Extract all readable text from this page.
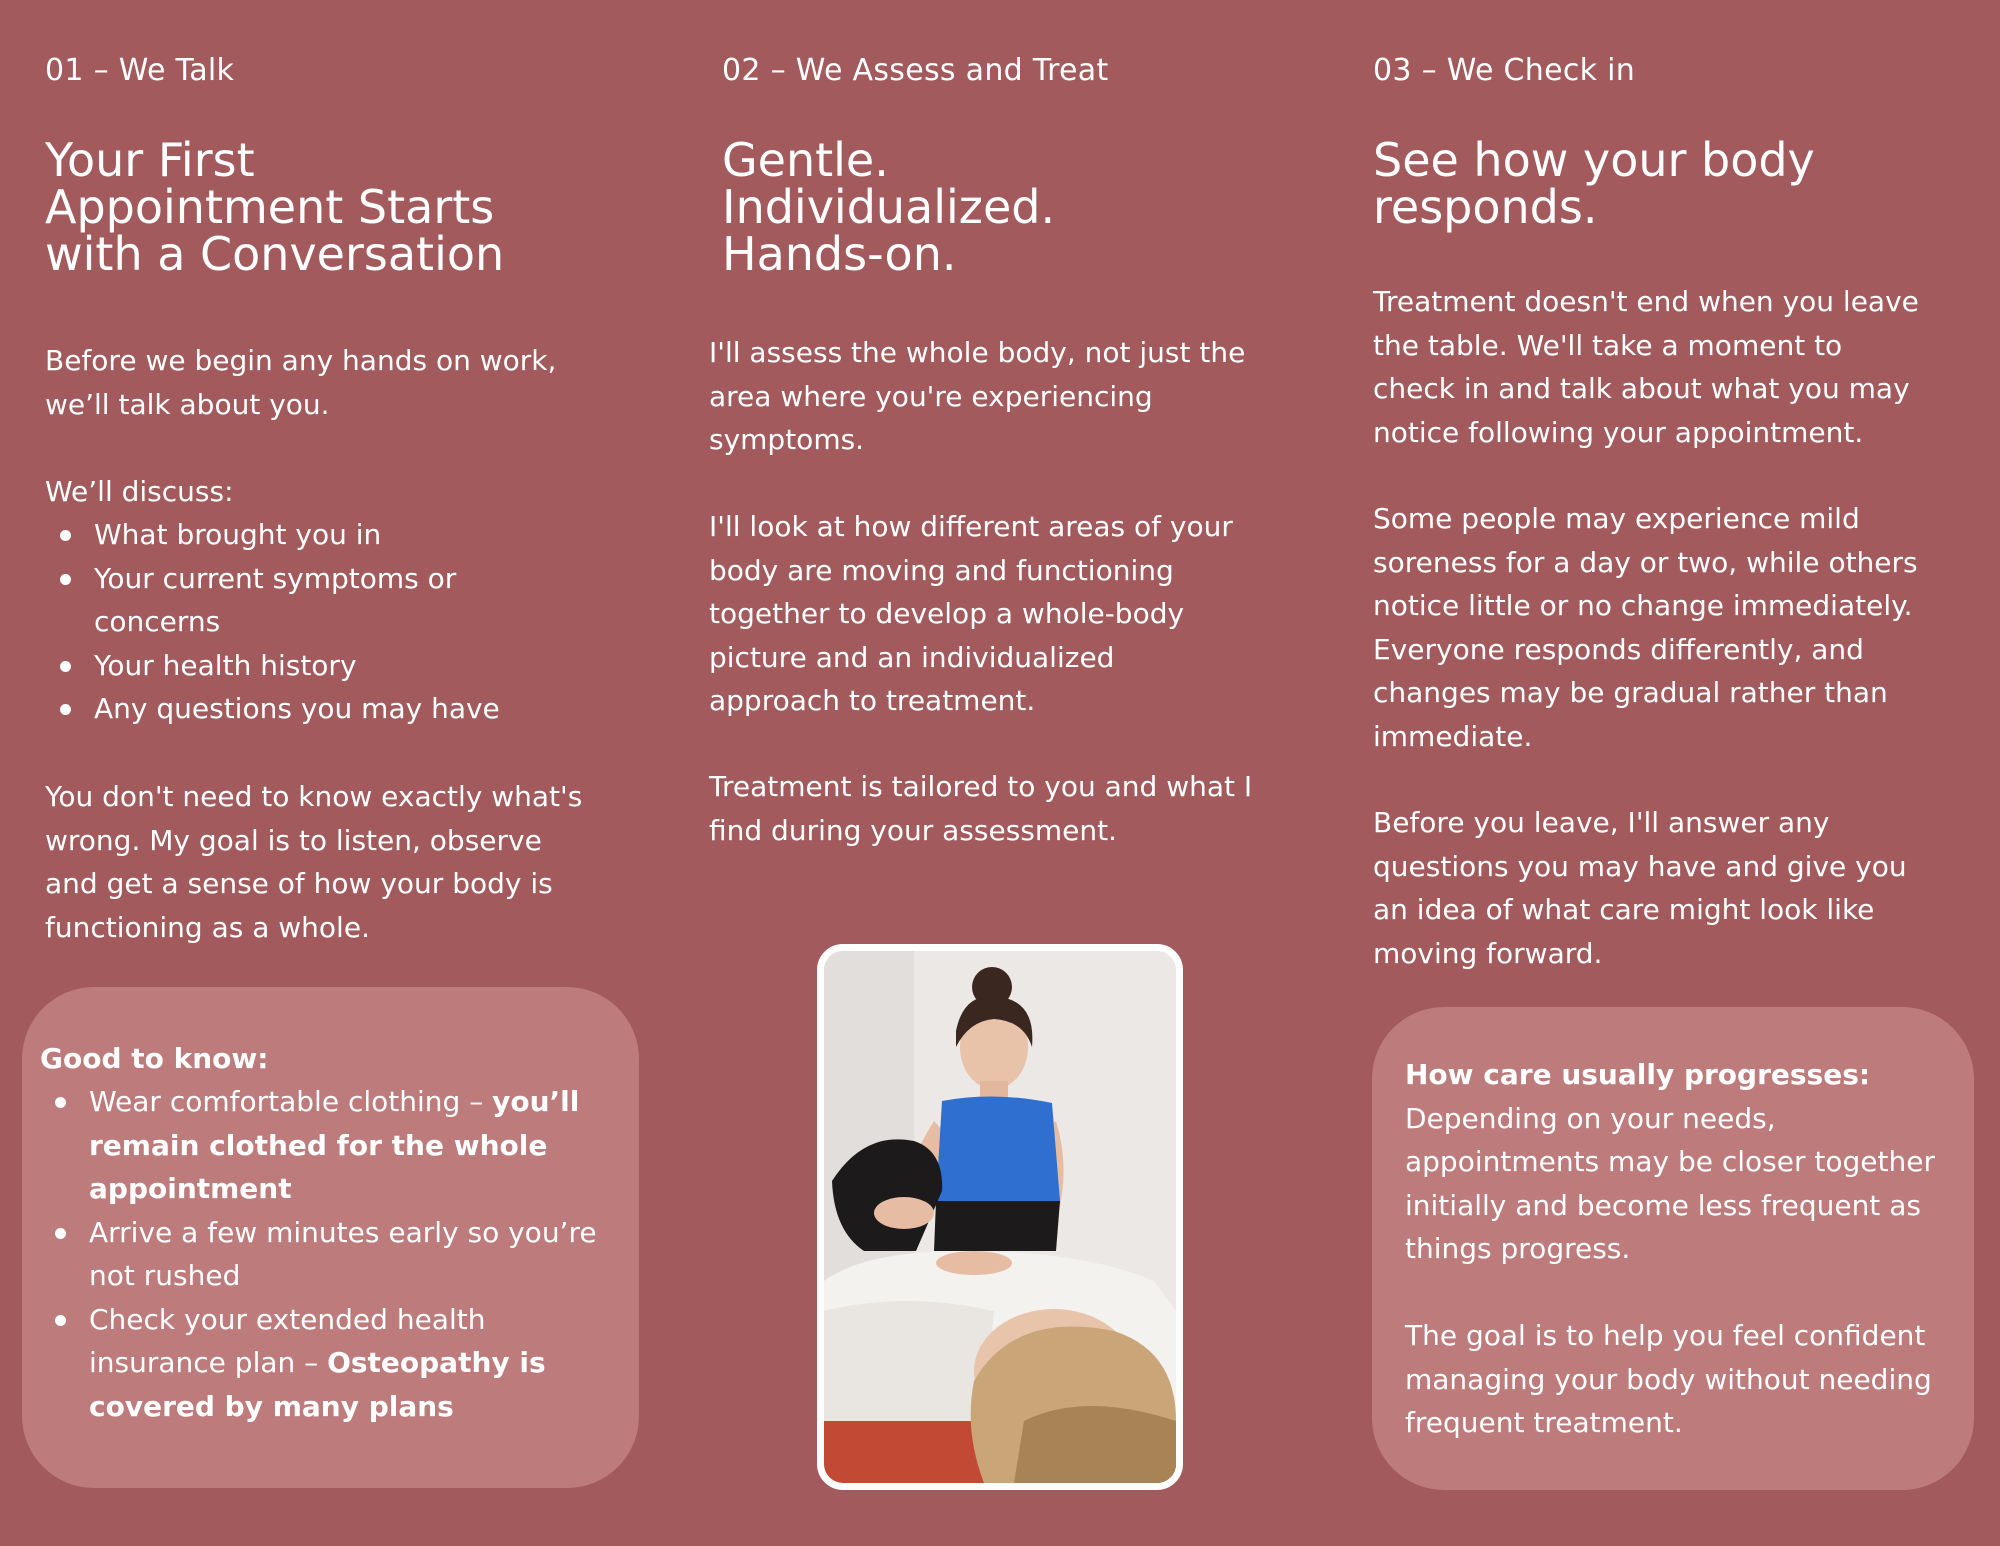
01 – We Talk

Your First
Appointment Starts
with a Conversation

Before we begin any hands on work,
we’ll talk about you.

We’ll discuss:

What brought you in
Your current symptoms or
concerns
Your health history
Any questions you may have

You don't need to know exactly what's
wrong. My goal is to listen, observe
and get a sense of how your body is
functioning as a whole.

Good to know:

Wear comfortable clothing – you’ll
remain clothed for the whole
appointment
Arrive a few minutes early so you’re
not rushed
Check your extended health
insurance plan – Osteopathy is
covered by many plans

02 – We Assess and Treat

Gentle.
Individualized.
Hands-on.

I'll assess the whole body, not just the
area where you're experiencing
symptoms.

I'll look at how different areas of your
body are moving and functioning
together to develop a whole-body
picture and an individualized
approach to treatment.

Treatment is tailored to you and what I
find during your assessment.

03 – We Check in

See how your body
responds.

Treatment doesn't end when you leave
the table. We'll take a moment to
check in and talk about what you may
notice following your appointment.

Some people may experience mild
soreness for a day or two, while others
notice little or no change immediately.
Everyone responds differently, and
changes may be gradual rather than
immediate.

Before you leave, I'll answer any
questions you may have and give you
an idea of what care might look like
moving forward.

How care usually progresses:
Depending on your needs,
appointments may be closer together
initially and become less frequent as
things progress.

The goal is to help you feel confident
managing your body without needing
frequent treatment.
